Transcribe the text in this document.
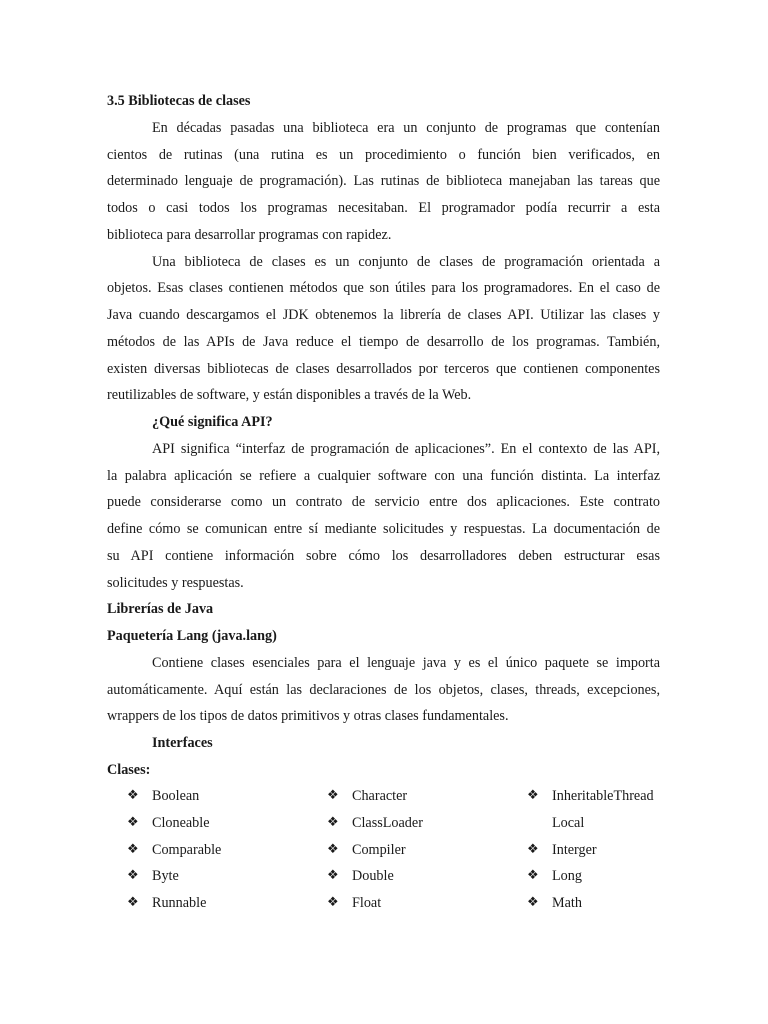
3.5 Bibliotecas de clases
En décadas pasadas una biblioteca era un conjunto de programas que contenían
cientos de rutinas (una rutina es un procedimiento o función bien verificados, en
determinado lenguaje de programación). Las rutinas de biblioteca manejaban las tareas que
todos o casi todos los programas necesitaban. El programador podía recurrir a esta
biblioteca para desarrollar programas con rapidez.
Una biblioteca de clases es un conjunto de clases de programación orientada a
objetos. Esas clases contienen métodos que son útiles para los programadores. En el caso de
Java cuando descargamos el JDK obtenemos la librería de clases API. Utilizar las clases y
métodos de las APIs de Java reduce el tiempo de desarrollo de los programas. También,
existen diversas bibliotecas de clases desarrollados por terceros que contienen componentes
reutilizables de software, y están disponibles a través de la Web.
¿Qué significa API?
API significa “interfaz de programación de aplicaciones”. En el contexto de las API,
la palabra aplicación se refiere a cualquier software con una función distinta. La interfaz
puede considerarse como un contrato de servicio entre dos aplicaciones. Este contrato
define cómo se comunican entre sí mediante solicitudes y respuestas. La documentación de
su API contiene información sobre cómo los desarrolladores deben estructurar esas
solicitudes y respuestas.
Librerías de Java
Paquetería Lang (java.lang)
Contiene clases esenciales para el lenguaje java y es el único paquete se importa
automáticamente. Aquí están las declaraciones de los objetos, clases, threads, excepciones,
wrappers de los tipos de datos primitivos y otras clases fundamentales.
Interfaces
Clases:
❖ Boolean
❖ Cloneable
❖ Comparable
❖ Byte
❖ Runnable
❖ Character
❖ ClassLoader
❖ Compiler
❖ Double
❖ Float
❖ InheritableThread
Local
❖ Interger
❖ Long
❖ Math
